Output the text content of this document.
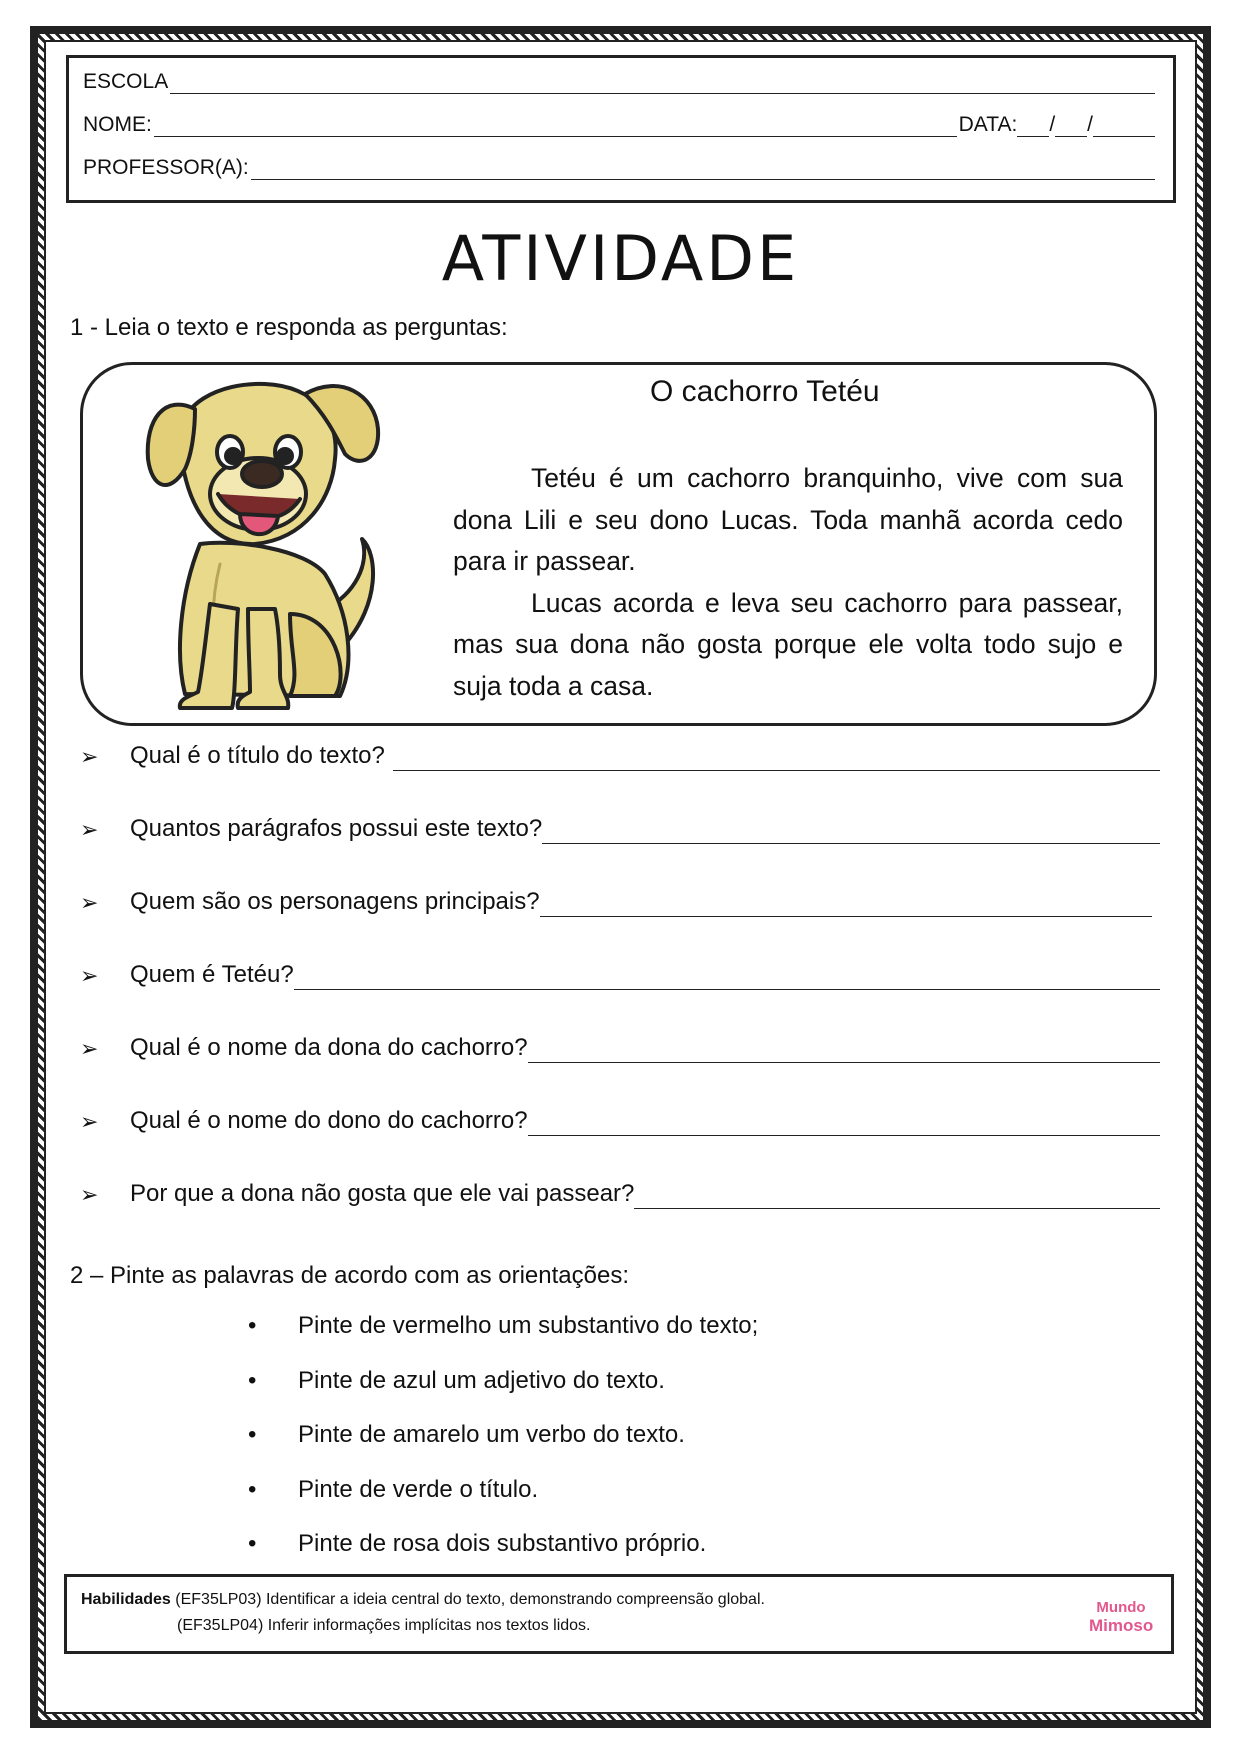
ESCOLA
NOME:	DATA: / /
PROFESSOR(A):
ATIVIDADE
1 - Leia o texto e responda as perguntas:
O cachorro Tetéu

Tetéu é um cachorro branquinho, vive com sua dona Lili e seu dono Lucas. Toda manhã acorda cedo para ir passear.

Lucas acorda e leva seu cachorro para passear, mas sua dona não gosta porque ele volta todo sujo e suja toda a casa.

➢	Qual é o título do texto?
➢	Quantos parágrafos possui este texto?
➢	Quem são os personagens principais?
➢	Quem é Tetéu?
➢	Qual é o nome da dona do cachorro?
➢	Qual é o nome do dono do cachorro?
➢	Por que a dona não gosta que ele vai passear?
2 – Pinte as palavras de acordo com as orientações:
•	Pinte de vermelho um substantivo do texto;
•	Pinte de azul um adjetivo do texto.
•	Pinte de amarelo um verbo do texto.
•	Pinte de verde o título.
•	Pinte de rosa dois substantivo próprio.
Habilidades (EF35LP03) Identificar a ideia central do texto, demonstrando compreensão global.
(EF35LP04) Inferir informações implícitas nos textos lidos.
Mundo
Mimoso
